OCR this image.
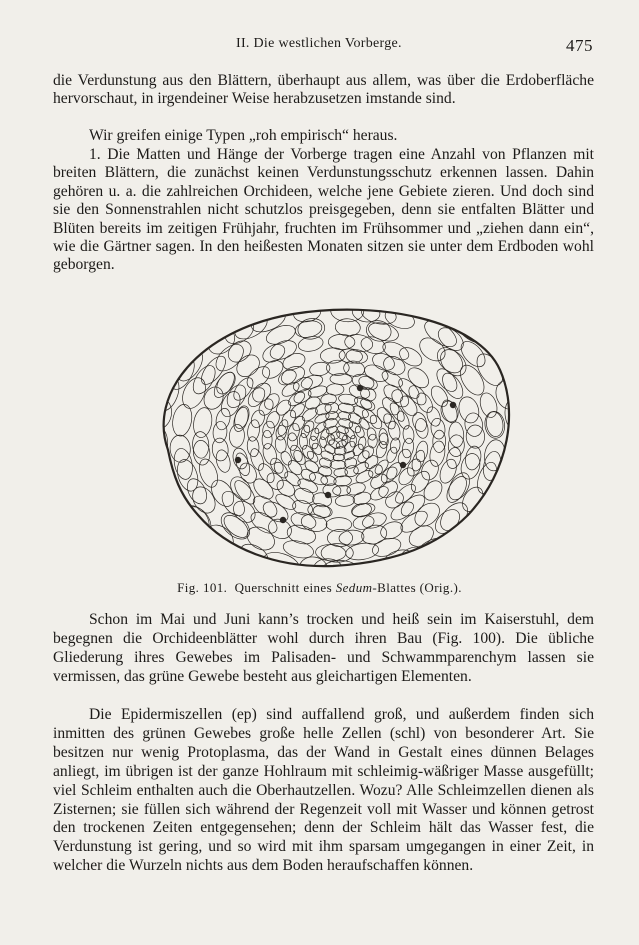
II. Die westlichen Vorberge.	475

die Verdunstung aus den Blättern, überhaupt aus allem, was über die Erdoberfläche hervorschaut, in irgendeiner Weise herabzusetzen imstande sind.

Wir greifen einige Typen „roh empirisch“ heraus.

1. Die Matten und Hänge der Vorberge tragen eine Anzahl von Pflanzen mit breiten Blättern, die zunächst keinen Verdunstungsschutz erkennen lassen. Dahin gehören u. a. die zahlreichen Orchideen, welche jene Gebiete zieren. Und doch sind sie den Sonnenstrahlen nicht schutzlos preisgegeben, denn sie entfalten Blätter und Blüten bereits im zeitigen Frühjahr, fruchten im Frühsommer und „ziehen dann ein“, wie die Gärtner sagen. In den heißesten Monaten sitzen sie unter dem Erdboden wohl geborgen.

Fig. 101. Querschnitt eines Sedum-Blattes (Orig.).

Schon im Mai und Juni kann’s trocken und heiß sein im Kaiserstuhl, dem begegnen die Orchideenblätter wohl durch ihren Bau (Fig. 100). Die übliche Gliederung ihres Gewebes im Palisaden- und Schwammparenchym lassen sie vermissen, das grüne Gewebe besteht aus gleichartigen Elementen.

Die Epidermiszellen (ep) sind auffallend groß, und außerdem finden sich inmitten des grünen Gewebes große helle Zellen (schl) von besonderer Art. Sie besitzen nur wenig Protoplasma, das der Wand in Gestalt eines dünnen Belages anliegt, im übrigen ist der ganze Hohlraum mit schleimig-wäßriger Masse ausgefüllt; viel Schleim enthalten auch die Oberhautzellen. Wozu? Alle Schleimzellen dienen als Zisternen; sie füllen sich während der Regenzeit voll mit Wasser und können getrost den trockenen Zeiten entgegensehen; denn der Schleim hält das Wasser fest, die Verdunstung ist gering, und so wird mit ihm sparsam umgegangen in einer Zeit, in welcher die Wurzeln nichts aus dem Boden heraufschaffen können.
